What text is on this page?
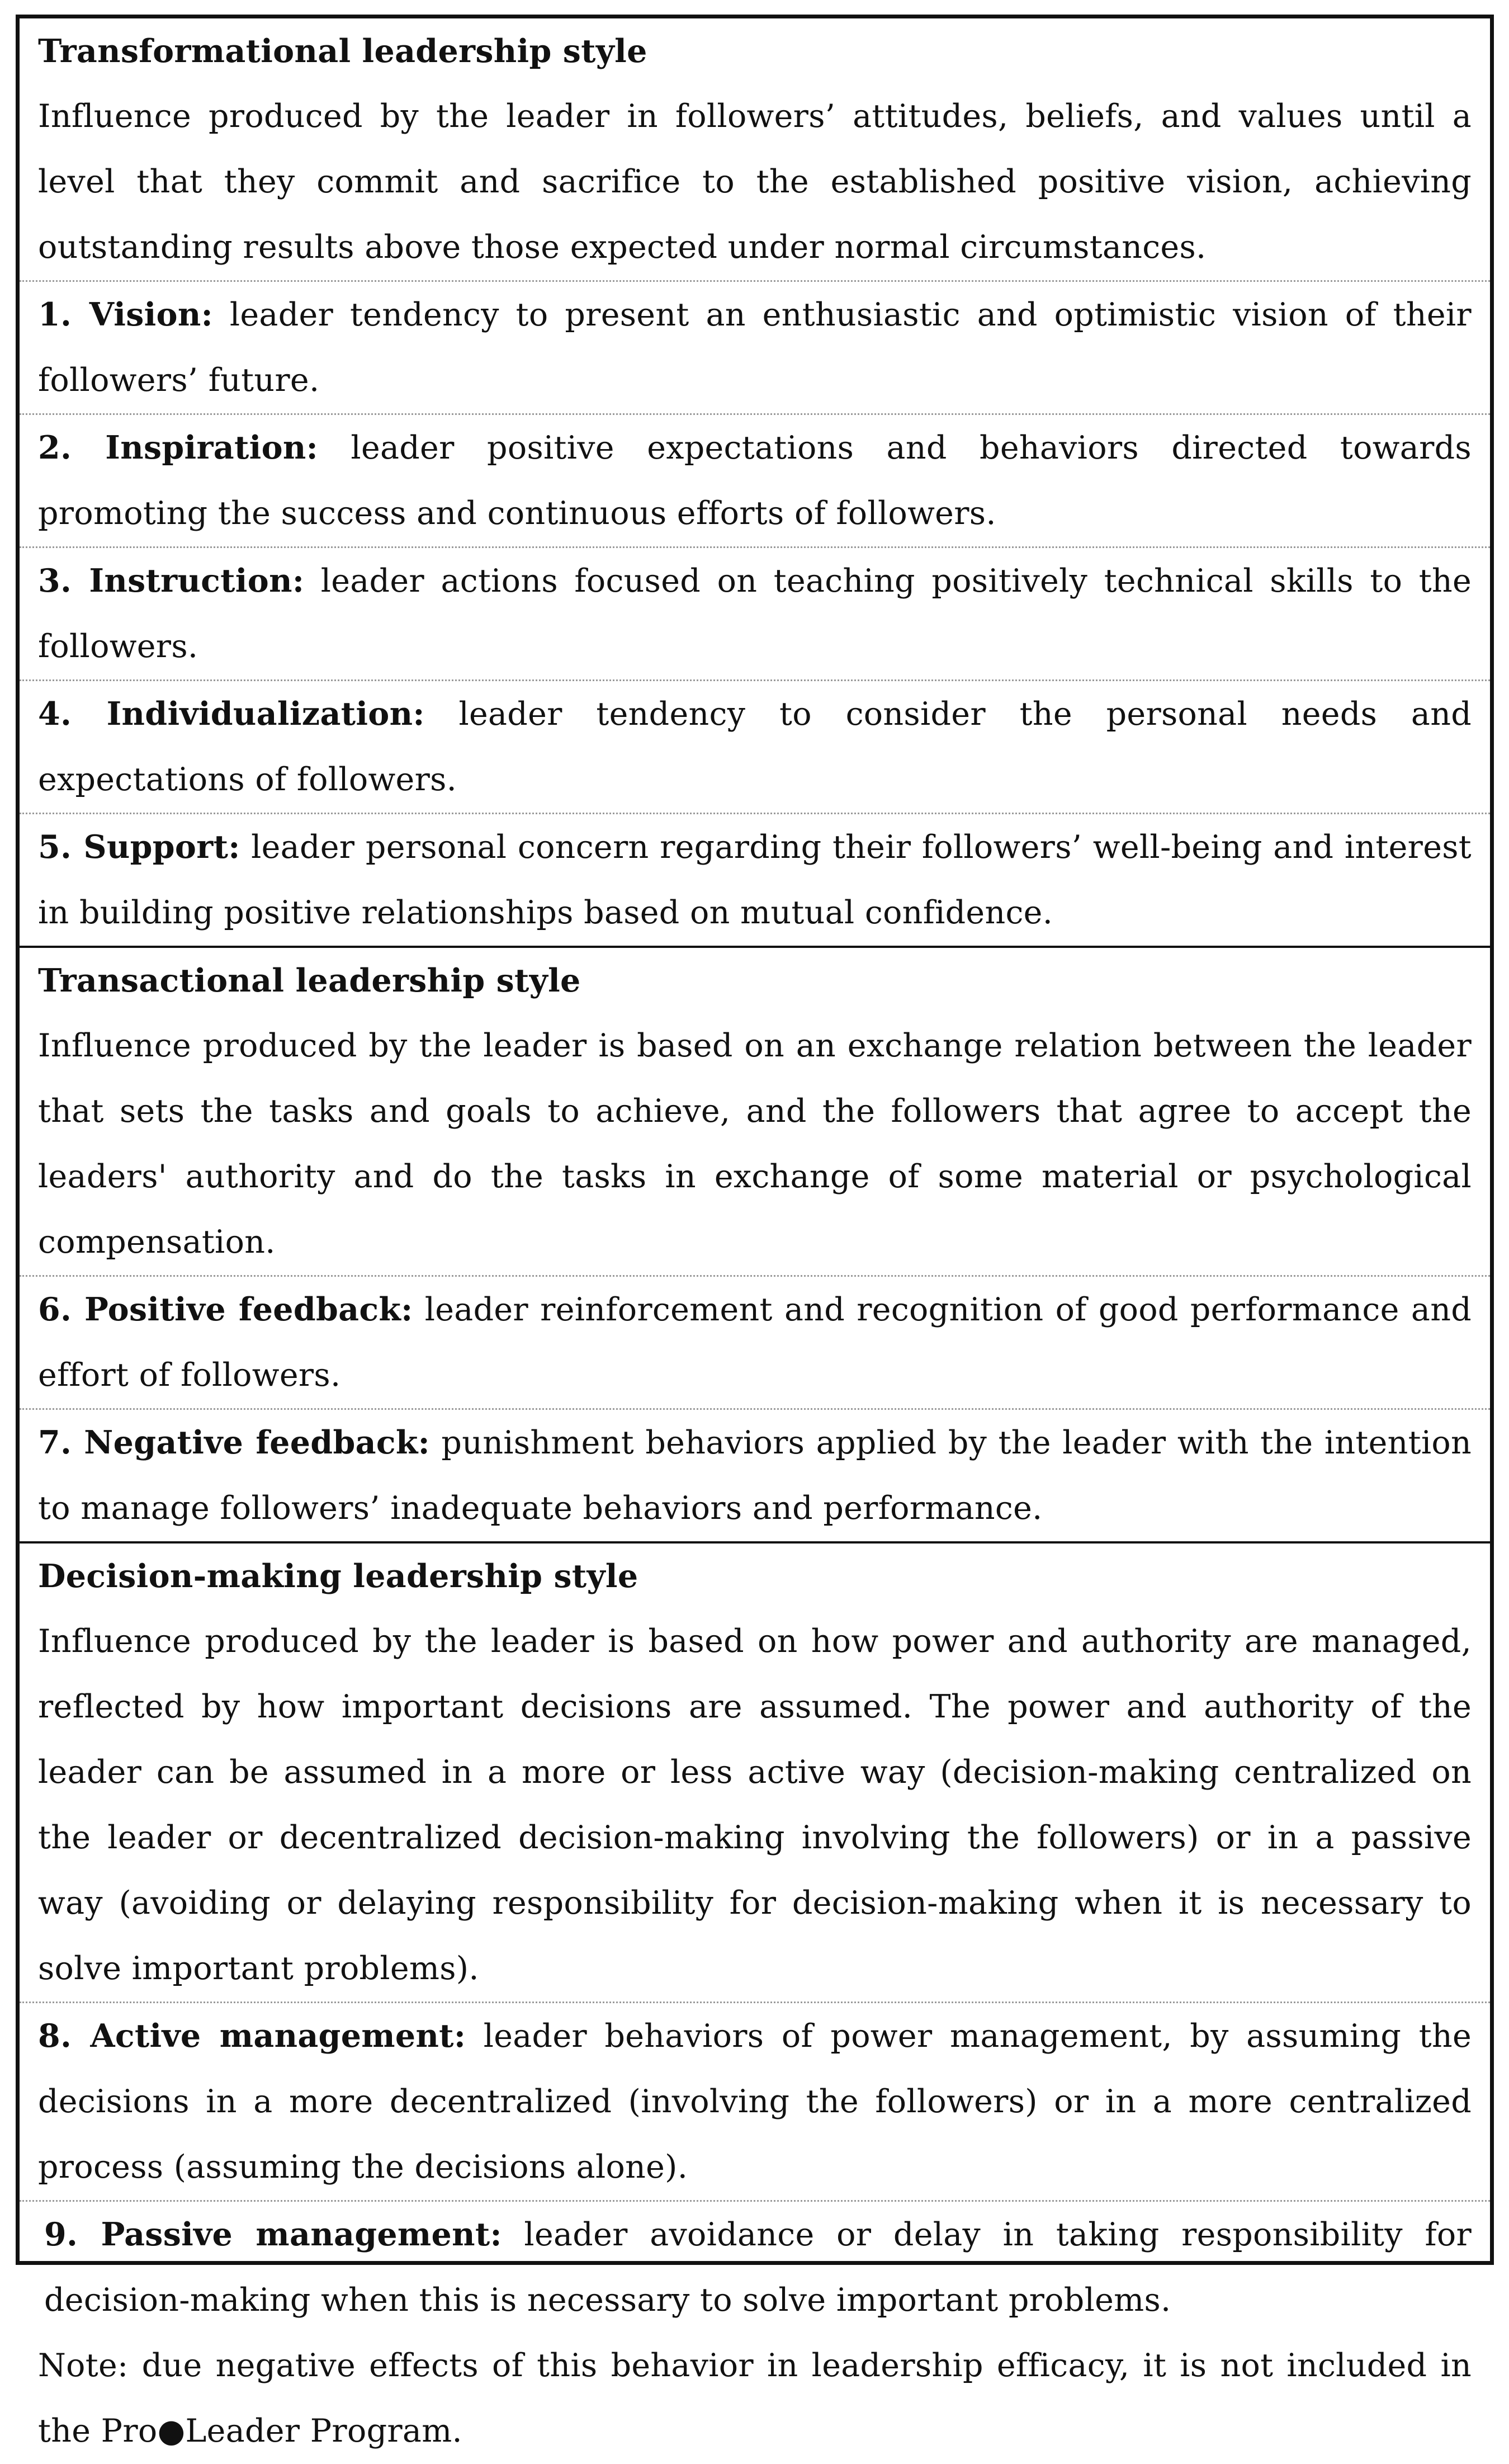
Transformational leadership style
Influence produced by the leader in followers’ attitudes, beliefs, and values until a level that they commit and sacrifice to the established positive vision, achieving outstanding results above those expected under normal circumstances.
1. Vision: leader tendency to present an enthusiastic and optimistic vision of their followers’ future.
2. Inspiration: leader positive expectations and behaviors directed towards promoting the success and continuous efforts of followers.
3. Instruction: leader actions focused on teaching positively technical skills to the followers.
4. Individualization: leader tendency to consider the personal needs and expectations of followers.
5. Support: leader personal concern regarding their followers’ well-being and interest in building positive relationships based on mutual confidence.
Transactional leadership style
Influence produced by the leader is based on an exchange relation between the leader that sets the tasks and goals to achieve, and the followers that agree to accept the leaders' authority and do the tasks in exchange of some material or psychological compensation.
6. Positive feedback: leader reinforcement and recognition of good performance and effort of followers.
7. Negative feedback: punishment behaviors applied by the leader with the intention to manage followers’ inadequate behaviors and performance.
Decision-making leadership style
Influence produced by the leader is based on how power and authority are managed, reflected by how important decisions are assumed. The power and authority of the leader can be assumed in a more or less active way (decision-making centralized on the leader or decentralized decision-making involving the followers) or in a passive way (avoiding or delaying responsibility for decision-making when it is necessary to solve important problems).
8. Active management: leader behaviors of power management, by assuming the decisions in a more decentralized (involving the followers) or in a more centralized process (assuming the decisions alone).
9. Passive management: leader avoidance or delay in taking responsibility for decision-making when this is necessary to solve important problems.
Note: due negative effects of this behavior in leadership efficacy, it is not included in the Pro●Leader Program.
